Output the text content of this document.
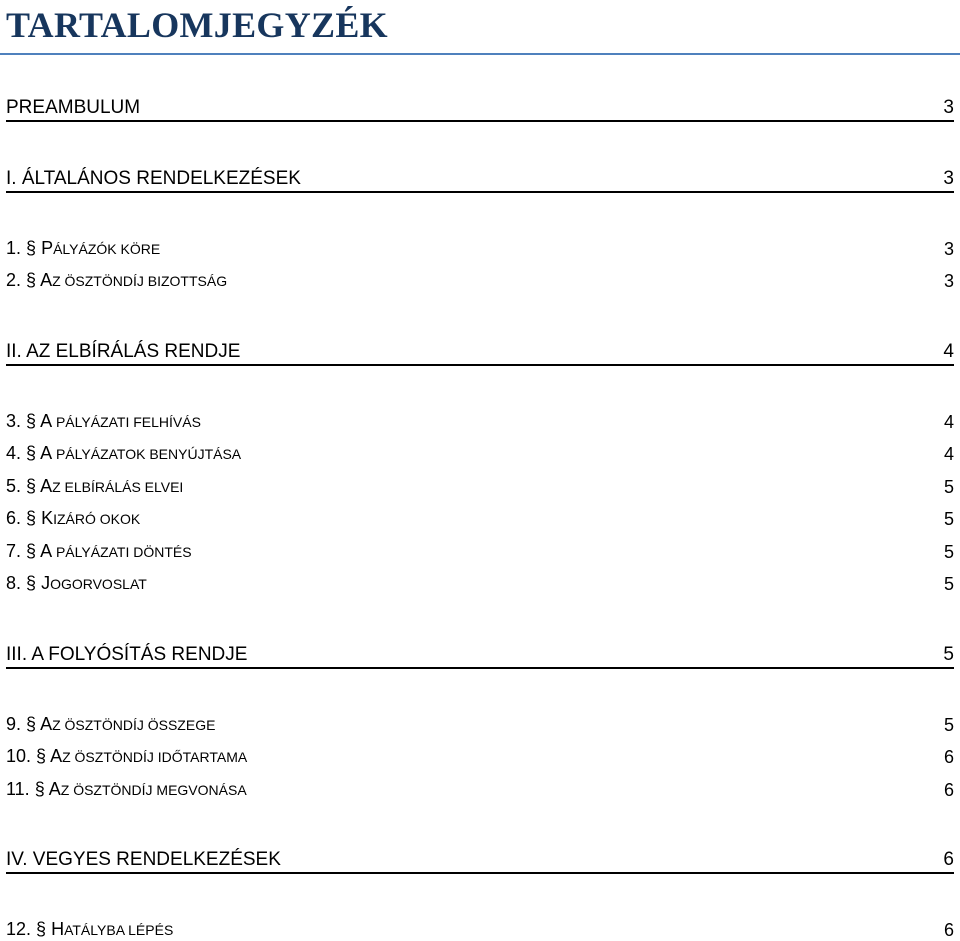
TARTALOMJEGYZÉK
PREAMBULUM	3
I. ÁLTALÁNOS RENDELKEZÉSEK	3
1. § PÁLYÁZÓK KÖRE	3
2. § AZ ÖSZTÖNDÍJ BIZOTTSÁG	3
II. AZ ELBÍRÁLÁS RENDJE	4
3. § A PÁLYÁZATI FELHÍVÁS	4
4. § A PÁLYÁZATOK BENYÚJTÁSA	4
5. § AZ ELBÍRÁLÁS ELVEI	5
6. § KIZÁRÓ OKOK	5
7. § A PÁLYÁZATI DÖNTÉS	5
8. § JOGORVOSLAT	5
III. A FOLYÓSÍTÁS RENDJE	5
9. § AZ ÖSZTÖNDÍJ ÖSSZEGE	5
10. § AZ ÖSZTÖNDÍJ IDŐTARTAMA	6
11. § AZ ÖSZTÖNDÍJ MEGVONÁSA	6
IV. VEGYES RENDELKEZÉSEK	6
12. § HATÁLYBA LÉPÉS	6
